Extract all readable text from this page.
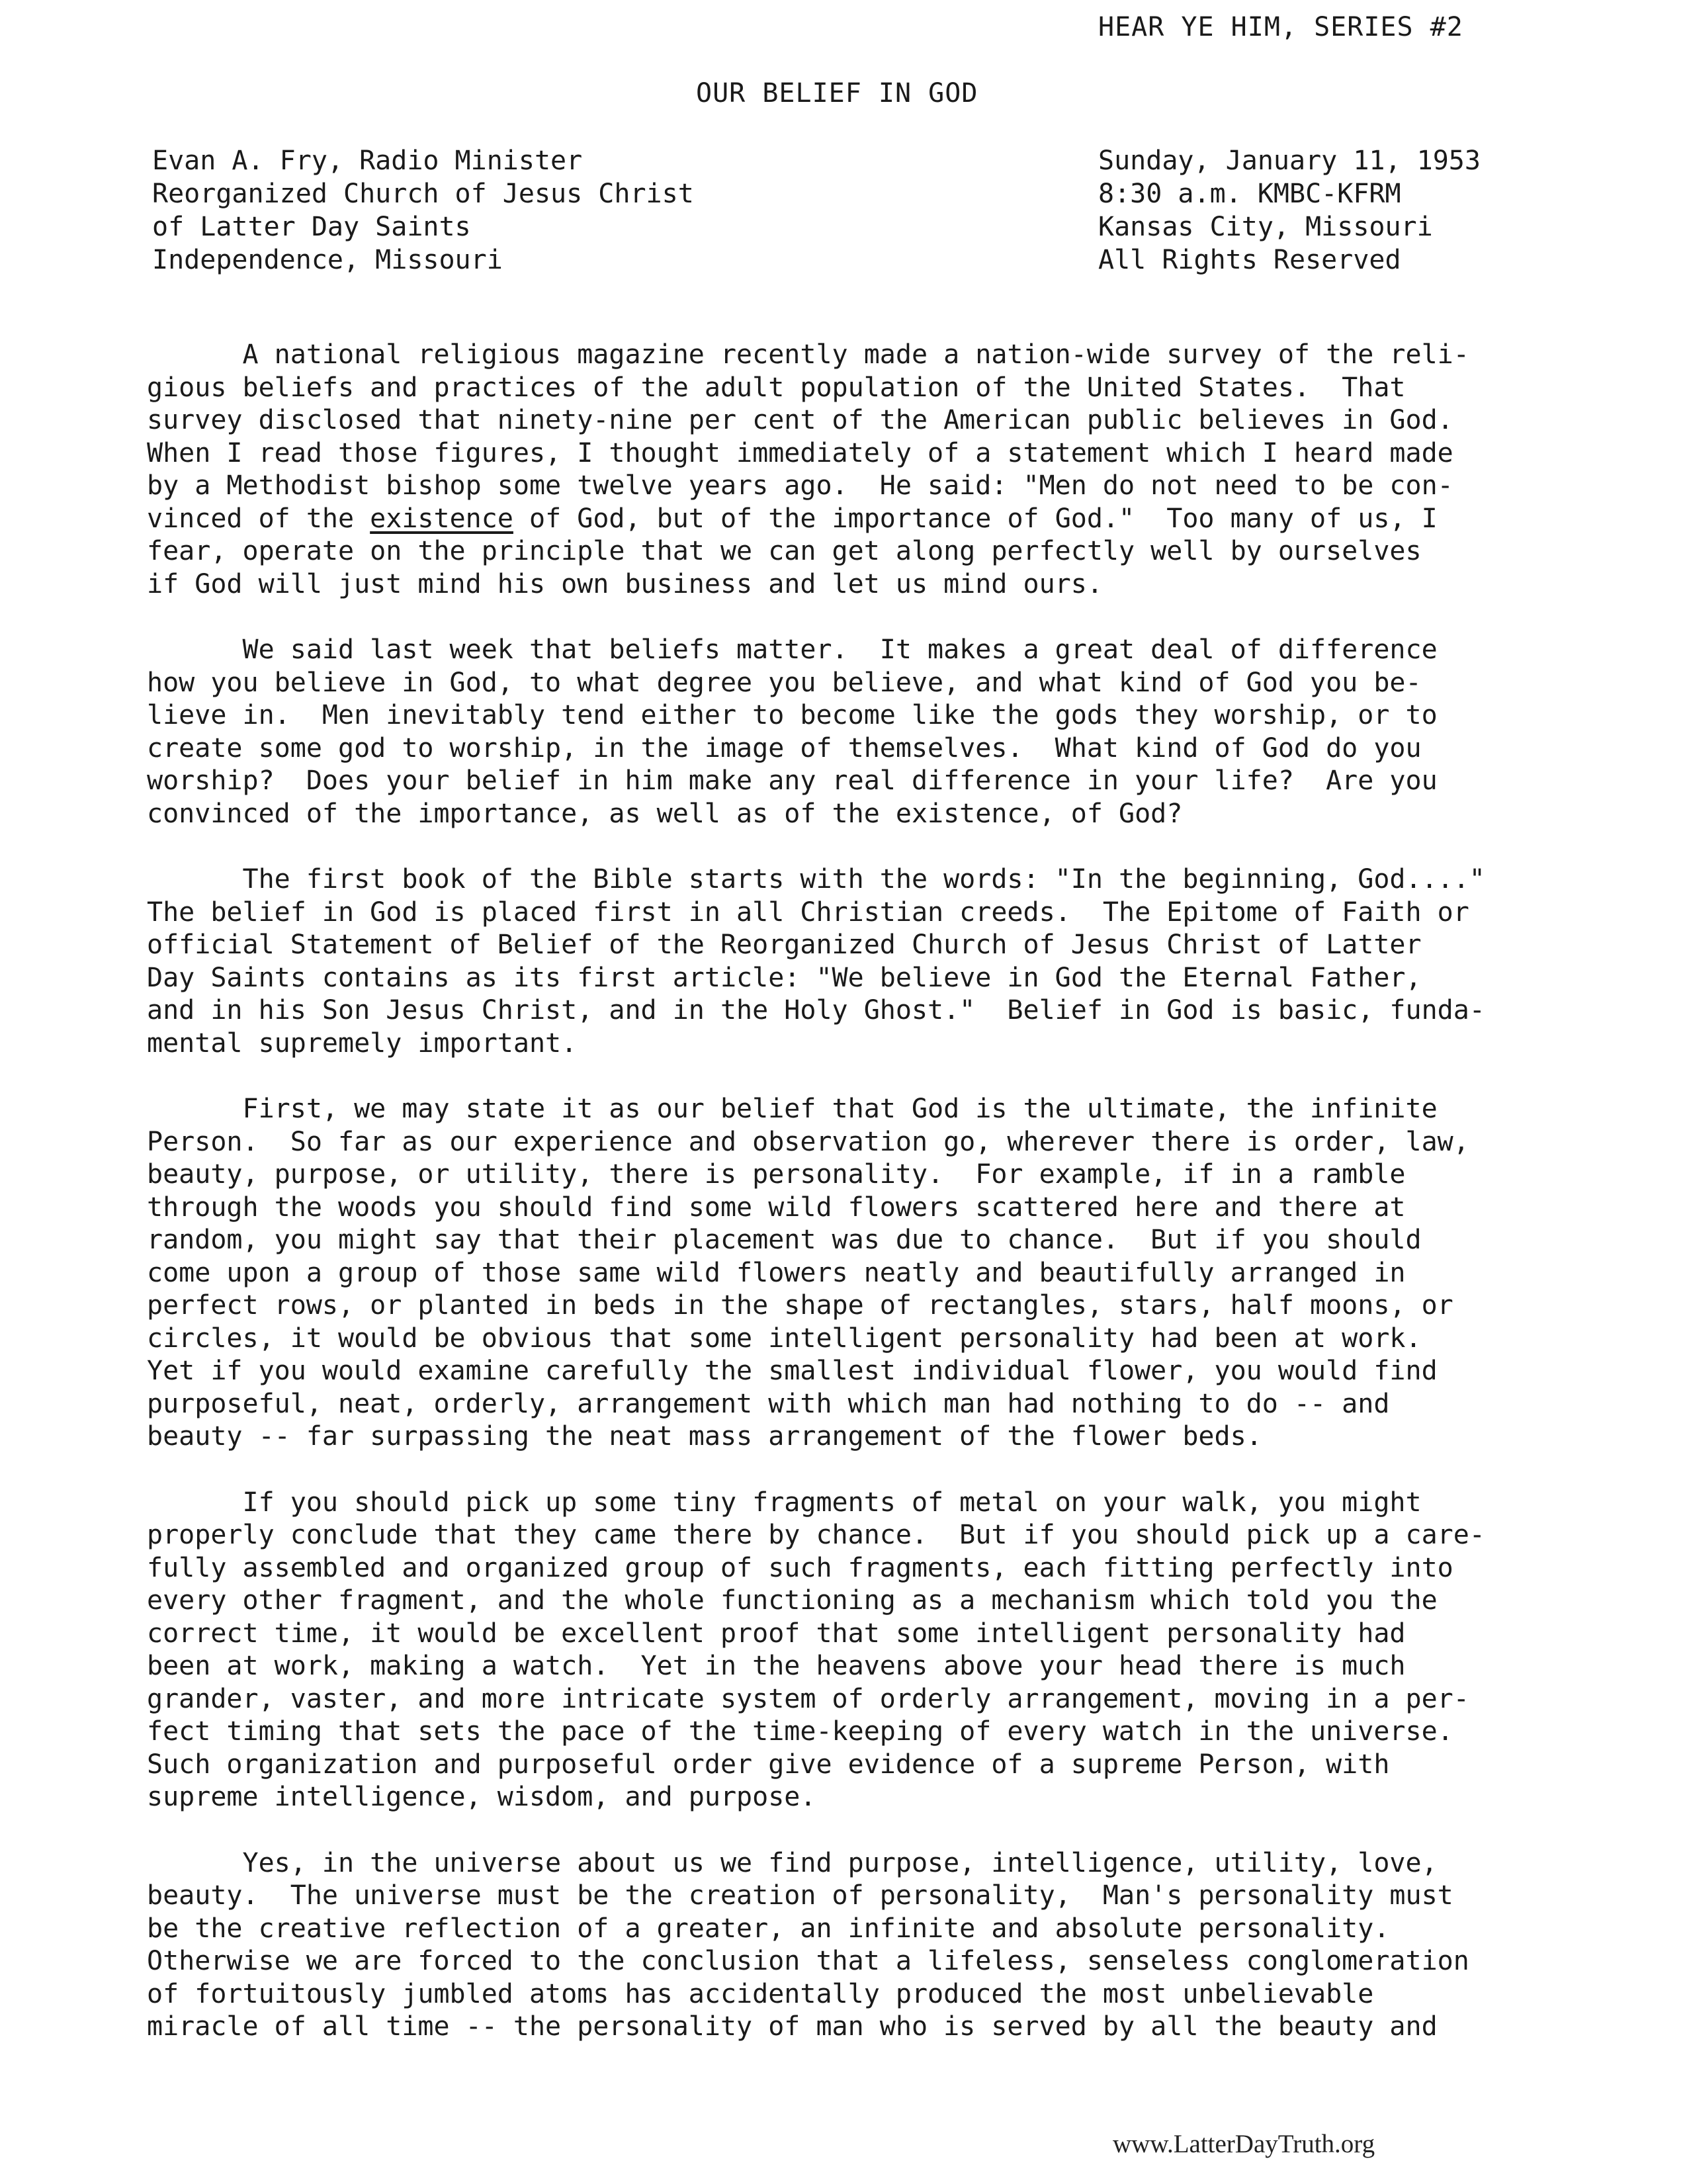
HEAR YE HIM, SERIES #2
OUR BELIEF IN GOD
Evan A. Fry, Radio Minister
Reorganized Church of Jesus Christ
of Latter Day Saints
Independence, Missouri
Sunday, January 11, 1953
8:30 a.m. KMBC-KFRM
Kansas City, Missouri
All Rights Reserved
A national religious magazine recently made a nation-wide survey of the reli-
gious beliefs and practices of the adult population of the United States.  That
survey disclosed that ninety-nine per cent of the American public believes in God.
When I read those figures, I thought immediately of a statement which I heard made
by a Methodist bishop some twelve years ago.  He said: "Men do not need to be con-
vinced of the existence of God, but of the importance of God."  Too many of us, I
fear, operate on the principle that we can get along perfectly well by ourselves
if God will just mind his own business and let us mind ours.
We said last week that beliefs matter.  It makes a great deal of difference
how you believe in God, to what degree you believe, and what kind of God you be-
lieve in.  Men inevitably tend either to become like the gods they worship, or to
create some god to worship, in the image of themselves.  What kind of God do you
worship?  Does your belief in him make any real difference in your life?  Are you
convinced of the importance, as well as of the existence, of God?
The first book of the Bible starts with the words: "In the beginning, God...."
The belief in God is placed first in all Christian creeds.  The Epitome of Faith or
official Statement of Belief of the Reorganized Church of Jesus Christ of Latter
Day Saints contains as its first article: "We believe in God the Eternal Father,
and in his Son Jesus Christ, and in the Holy Ghost."  Belief in God is basic, funda-
mental supremely important.
First, we may state it as our belief that God is the ultimate, the infinite
Person.  So far as our experience and observation go, wherever there is order, law,
beauty, purpose, or utility, there is personality.  For example, if in a ramble
through the woods you should find some wild flowers scattered here and there at
random, you might say that their placement was due to chance.  But if you should
come upon a group of those same wild flowers neatly and beautifully arranged in
perfect rows, or planted in beds in the shape of rectangles, stars, half moons, or
circles, it would be obvious that some intelligent personality had been at work.
Yet if you would examine carefully the smallest individual flower, you would find
purposeful, neat, orderly, arrangement with which man had nothing to do -- and
beauty -- far surpassing the neat mass arrangement of the flower beds.
If you should pick up some tiny fragments of metal on your walk, you might
properly conclude that they came there by chance.  But if you should pick up a care-
fully assembled and organized group of such fragments, each fitting perfectly into
every other fragment, and the whole functioning as a mechanism which told you the
correct time, it would be excellent proof that some intelligent personality had
been at work, making a watch.  Yet in the heavens above your head there is much
grander, vaster, and more intricate system of orderly arrangement, moving in a per-
fect timing that sets the pace of the time-keeping of every watch in the universe.
Such organization and purposeful order give evidence of a supreme Person, with
supreme intelligence, wisdom, and purpose.
Yes, in the universe about us we find purpose, intelligence, utility, love,
beauty.  The universe must be the creation of personality,  Man's personality must
be the creative reflection of a greater, an infinite and absolute personality.
Otherwise we are forced to the conclusion that a lifeless, senseless conglomeration
of fortuitously jumbled atoms has accidentally produced the most unbelievable
miracle of all time -- the personality of man who is served by all the beauty and
www.LatterDayTruth.org
